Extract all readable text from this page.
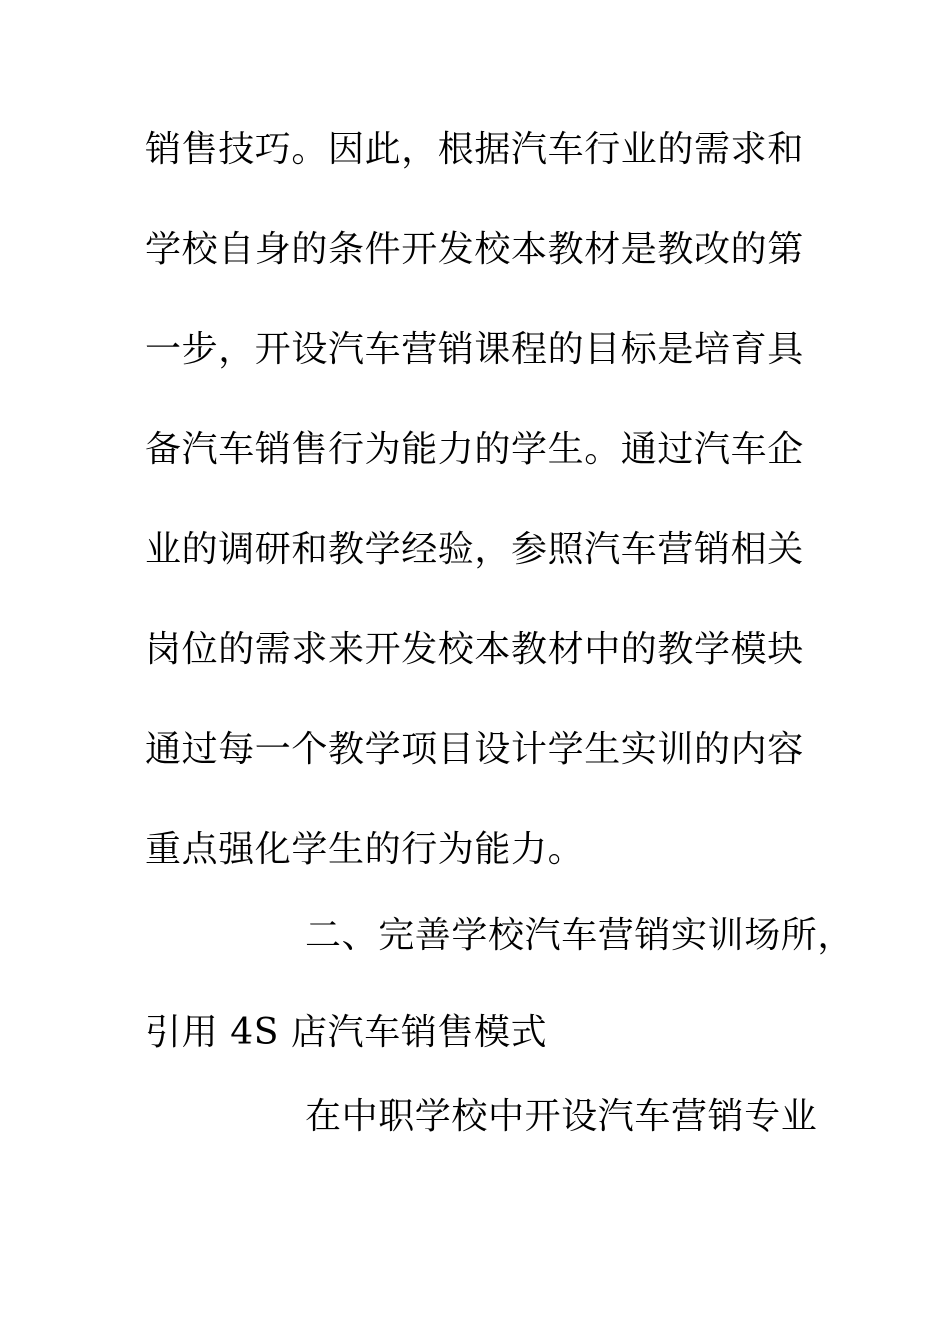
销售技巧。因此，根据汽车行业的需求和
学校自身的条件开发校本教材是教改的第
一步，开设汽车营销课程的目标是培育具
备汽车销售行为能力的学生。通过汽车企
业的调研和教学经验，参照汽车营销相关
岗位的需求来开发校本教材中的教学模块
通过每一个教学项目设计学生实训的内容
重点强化学生的行为能力。
二、完善学校汽车营销实训场所，
引用 4S 店汽车销售模式
在中职学校中开设汽车营销专业
